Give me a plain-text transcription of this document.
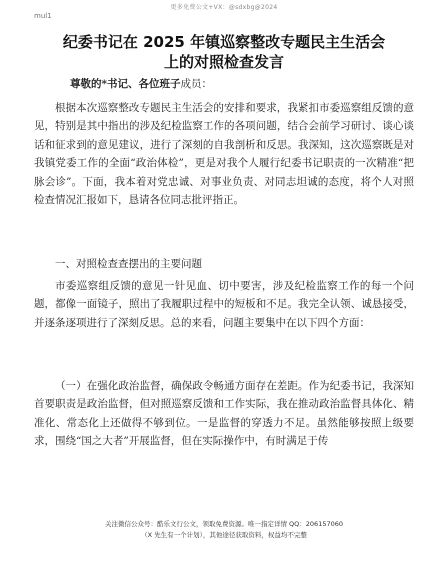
更多免费公文+VX：@sdxbg@2024
mul1
纪委书记在 2025 年镇巡察整改专题民主生活会
上的对照检查发言
尊敬的*书记、各位班子成员：

根据本次巡察整改专题民主生活会的安排和要求，我紧扣市委巡察组反馈的意见，特别是其中指出的涉及纪检监察工作的各项问题，结合会前学习研讨、谈心谈话和征求到的意见建议，进行了深刻的自我剖析和反思。我深知，这次巡察既是对我镇党委工作的全面“政治体检”，更是对我个人履行纪委书记职责的一次精准“把脉会诊”。下面，我本着对党忠诚、对事业负责、对同志坦诚的态度，将个人对照检查情况汇报如下，恳请各位同志批评指正。

一、对照检查查摆出的主要问题

市委巡察组反馈的意见一针见血、切中要害，涉及纪检监察工作的每一个问题，都像一面镜子，照出了我履职过程中的短板和不足。我完全认领、诚恳接受，并逐条逐项进行了深刻反思。总的来看，问题主要集中在以下四个方面：

（一）在强化政治监督，确保政令畅通方面存在差距。作为纪委书记，我深知首要职责是政治监督，但对照巡察反馈和工作实际，我在推动政治监督具体化、精准化、常态化上还做得不够到位。一是监督的穿透力不足。虽然能够按照上级要求，围绕“国之大者”开展监督，但在实际操作中，有时满足于传

关注微信公众号：酷乐文行公文，领取免费资源。唯一指定详情 QQ：206157060
（X 先生有一个计划），其他途径获取资料，权益均不完整
